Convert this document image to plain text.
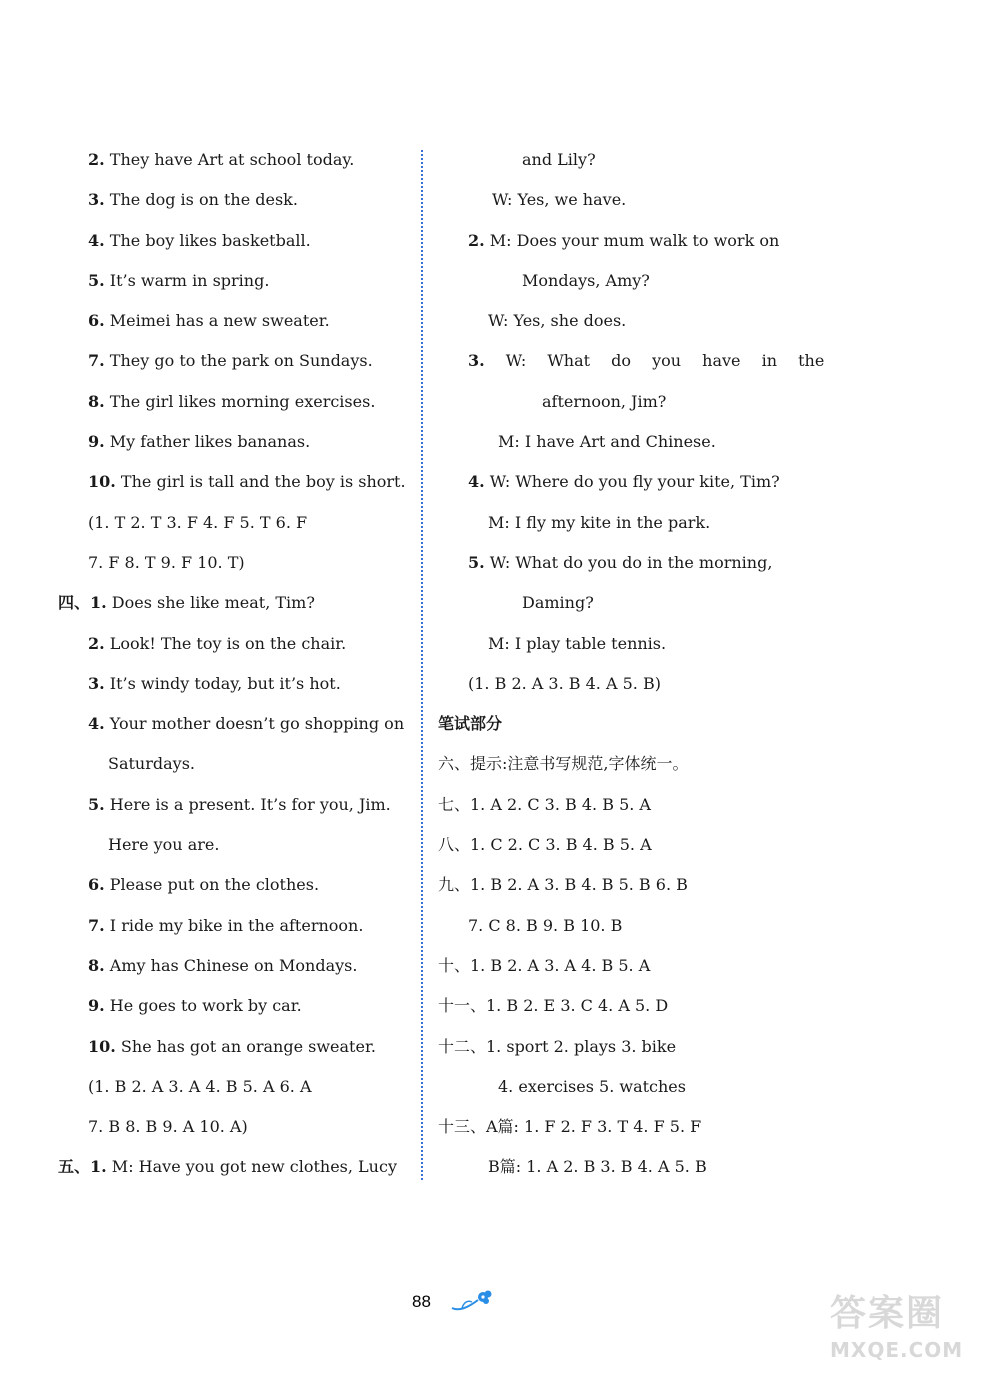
2. They have Art at school today.
3. The dog is on the desk.
4. The boy likes basketball.
5. It’s warm in spring.
6. Meimei has a new sweater.
7. They go to the park on Sundays.
8. The girl likes morning exercises.
9. My father likes bananas.
10. The girl is tall and the boy is short.
(1. T 2. T 3. F 4. F 5. T 6. F
7. F 8. T 9. F 10. T)
四、1. Does she like meat, Tim?
2. Look! The toy is on the chair.
3. It’s windy today, but it’s hot.
4. Your mother doesn’t go shopping on
Saturdays.
5. Here is a present. It’s for you, Jim.
Here you are.
6. Please put on the clothes.
7. I ride my bike in the afternoon.
8. Amy has Chinese on Mondays.
9. He goes to work by car.
10. She has got an orange sweater.
(1. B 2. A 3. A 4. B 5. A 6. A
7. B 8. B 9. A 10. A)
五、1. M: Have you got new clothes, Lucy
and Lily?
W: Yes, we have.
2. M: Does your mum walk to work on
Mondays, Amy?
W: Yes, she does.
3. W: What do you have in the
afternoon, Jim?
M: I have Art and Chinese.
4. W: Where do you fly your kite, Tim?
M: I fly my kite in the park.
5. W: What do you do in the morning,
Daming?
M: I play table tennis.
(1. B 2. A 3. B 4. A 5. B)
笔试部分
六、提示:注意书写规范,字体统一。
七、1. A 2. C 3. B 4. B 5. A
八、1. C 2. C 3. B 4. B 5. A
九、1. B 2. A 3. B 4. B 5. B 6. B
7. C 8. B 9. B 10. B
十、1. B 2. A 3. A 4. B 5. A
十一、1. B 2. E 3. C 4. A 5. D
十二、1. sport 2. plays 3. bike
4. exercises 5. watches
十三、A篇: 1. F 2. F 3. T 4. F 5. F
B篇: 1. A 2. B 3. B 4. A 5. B
88	答案圈
MXQE.COM
